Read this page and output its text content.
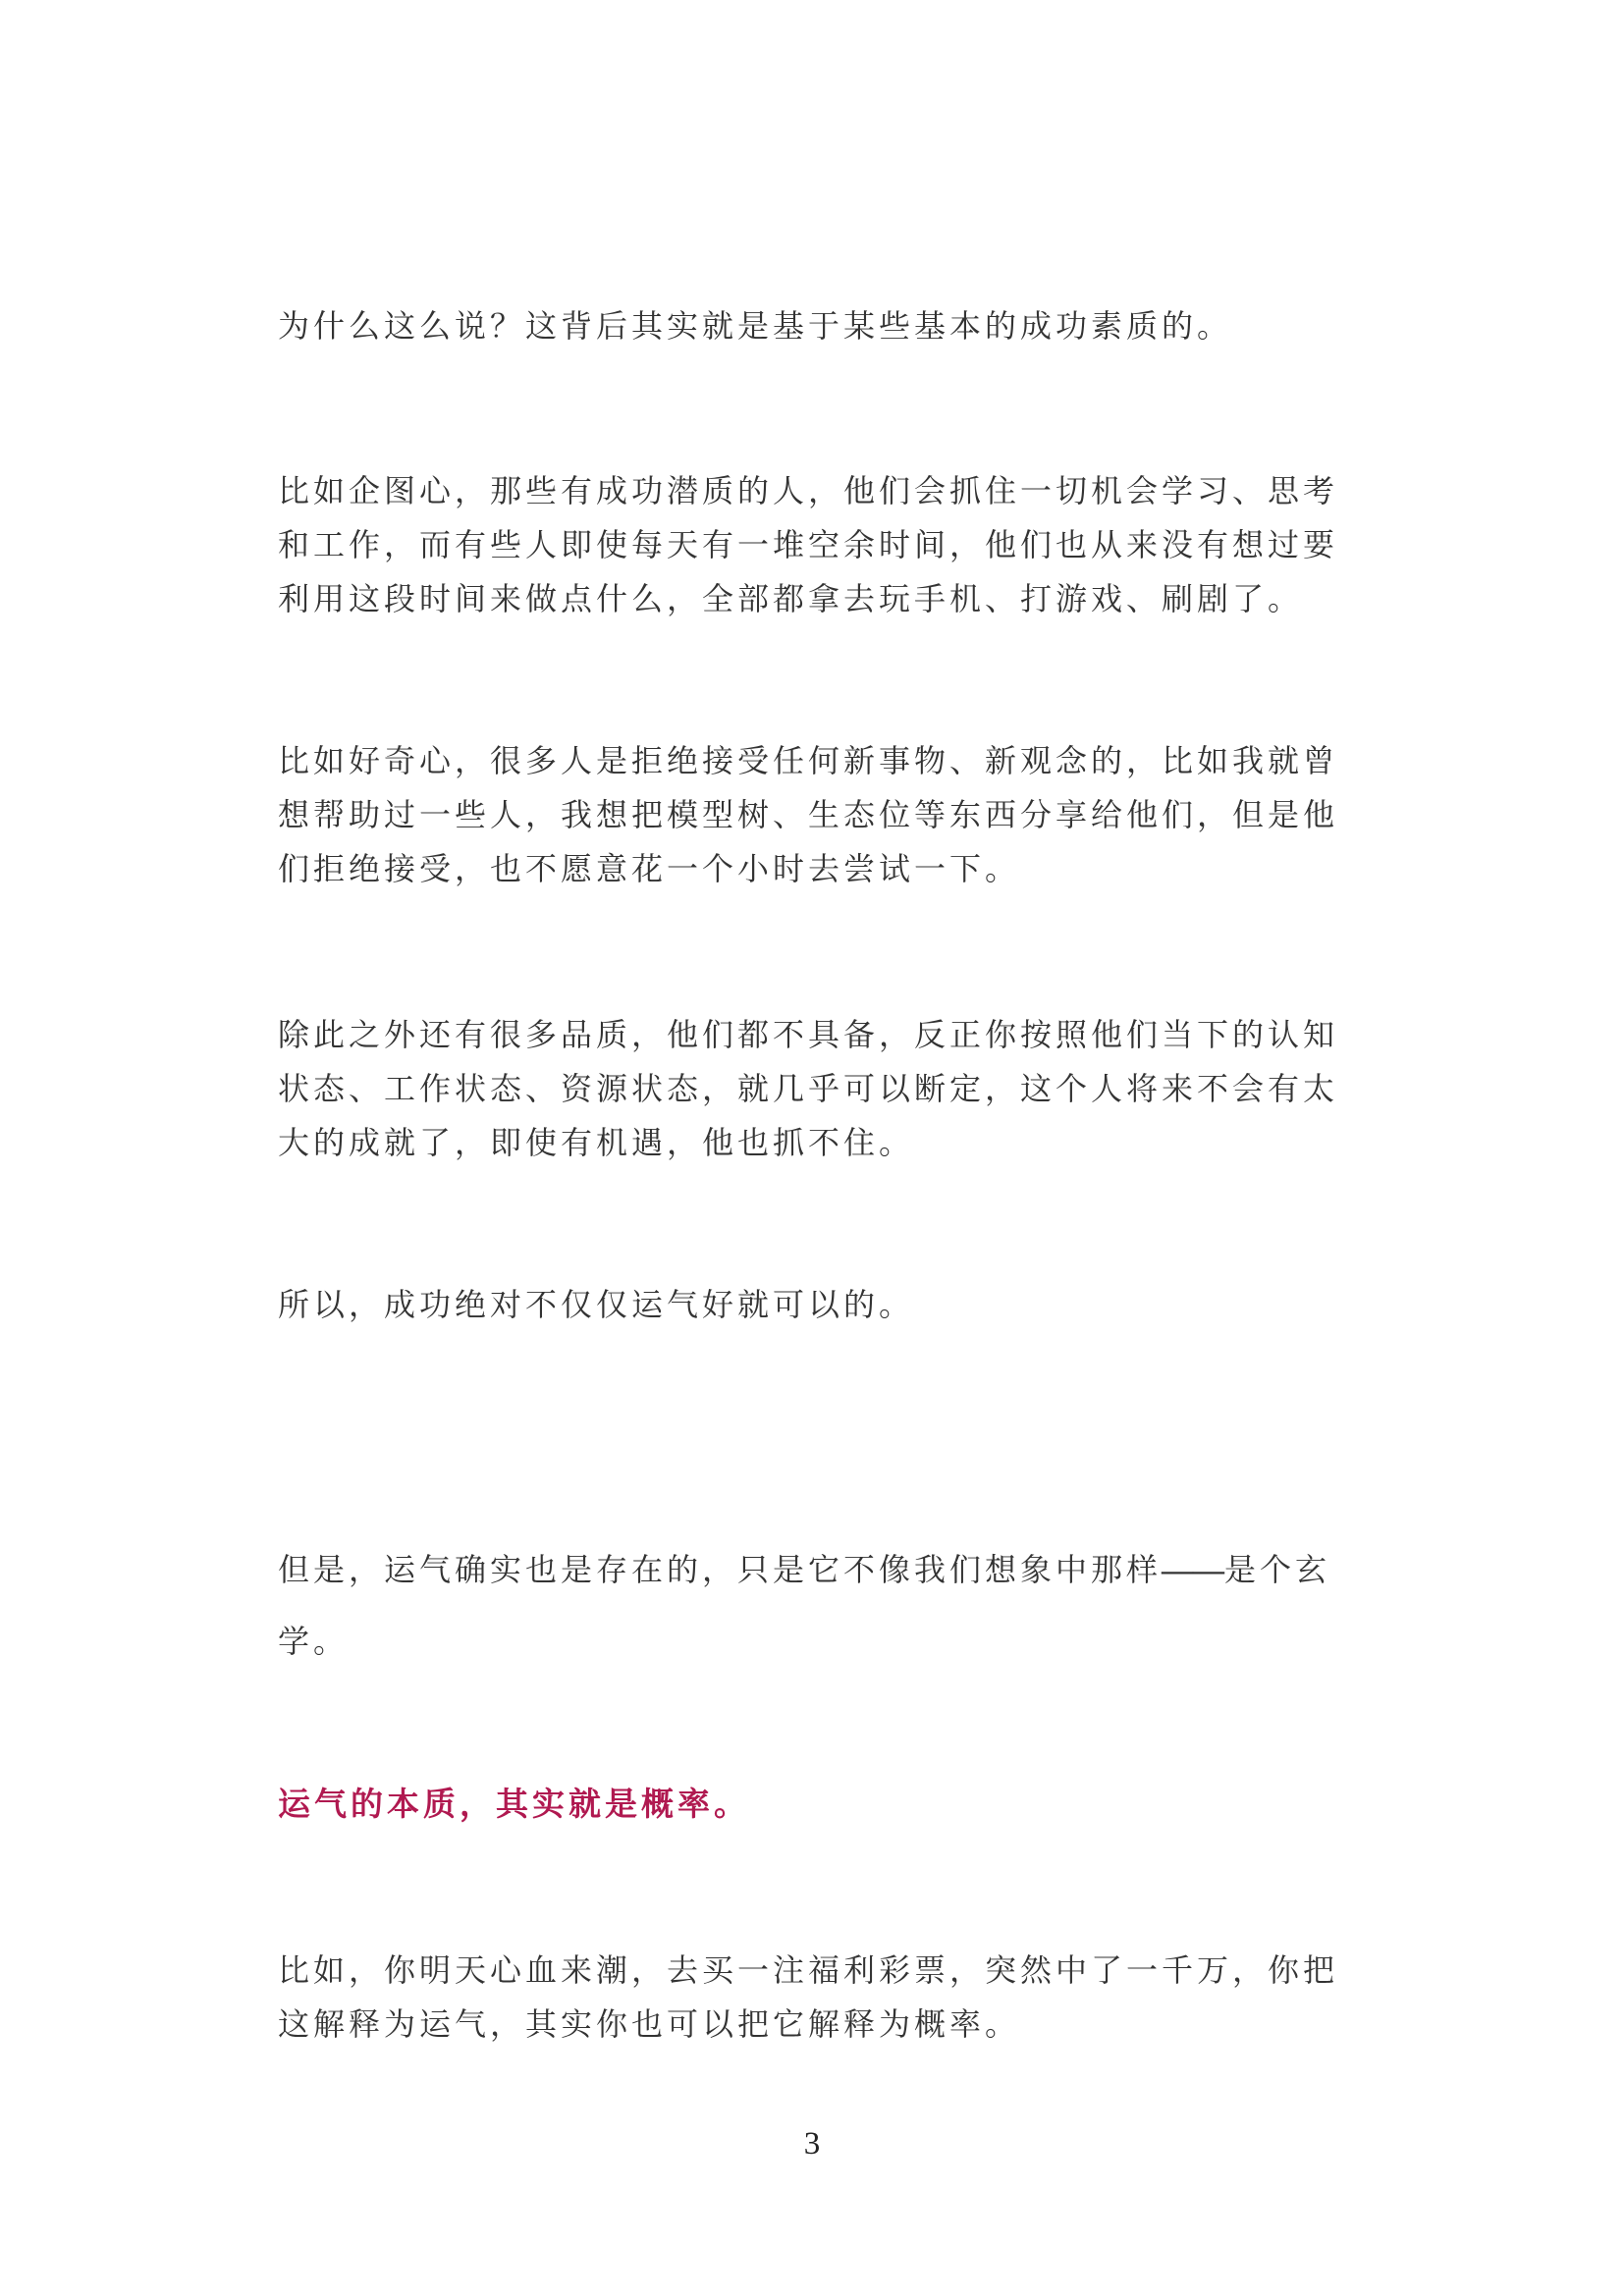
为什么这么说？这背后其实就是基于某些基本的成功素质的。
比如企图心，那些有成功潜质的人，他们会抓住一切机会学习、思考
和工作，而有些人即使每天有一堆空余时间，他们也从来没有想过要
利用这段时间来做点什么，全部都拿去玩手机、打游戏、刷剧了。
比如好奇心，很多人是拒绝接受任何新事物、新观念的，比如我就曾
想帮助过一些人，我想把模型树、生态位等东西分享给他们，但是他
们拒绝接受，也不愿意花一个小时去尝试一下。
除此之外还有很多品质，他们都不具备，反正你按照他们当下的认知
状态、工作状态、资源状态，就几乎可以断定，这个人将来不会有太
大的成就了，即使有机遇，他也抓不住。
所以，成功绝对不仅仅运气好就可以的。
但是，运气确实也是存在的，只是它不像我们想象中那样——是个玄
学。
运气的本质，其实就是概率。
比如，你明天心血来潮，去买一注福利彩票，突然中了一千万，你把
这解释为运气，其实你也可以把它解释为概率。
3
